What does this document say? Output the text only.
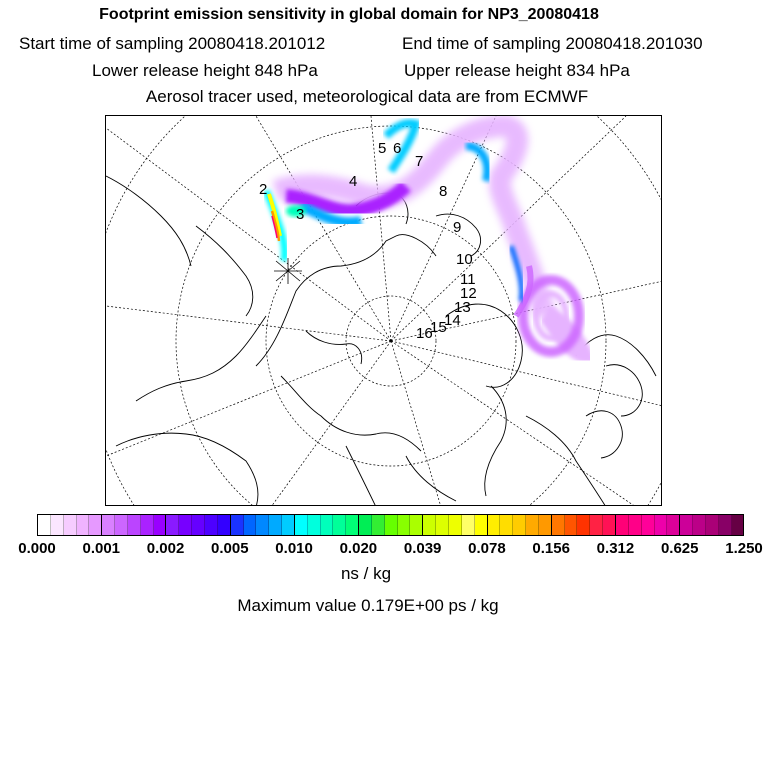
Footprint emission sensitivity in global domain for NP3_20080418
Start time of sampling 20080418.201012	End time of sampling 20080418.201030
Lower release height 848 hPa	Upper release height 834 hPa
Aerosol tracer used, meteorological data are from ECMWF
2
3
4
5 6
7
8
9
10
11
12
13
14
15
16
0.000 0.001 0.002 0.005 0.010 0.020 0.039 0.078 0.156 0.312 0.625 1.250
ns / kg
Maximum value 0.179E+00 ps / kg
